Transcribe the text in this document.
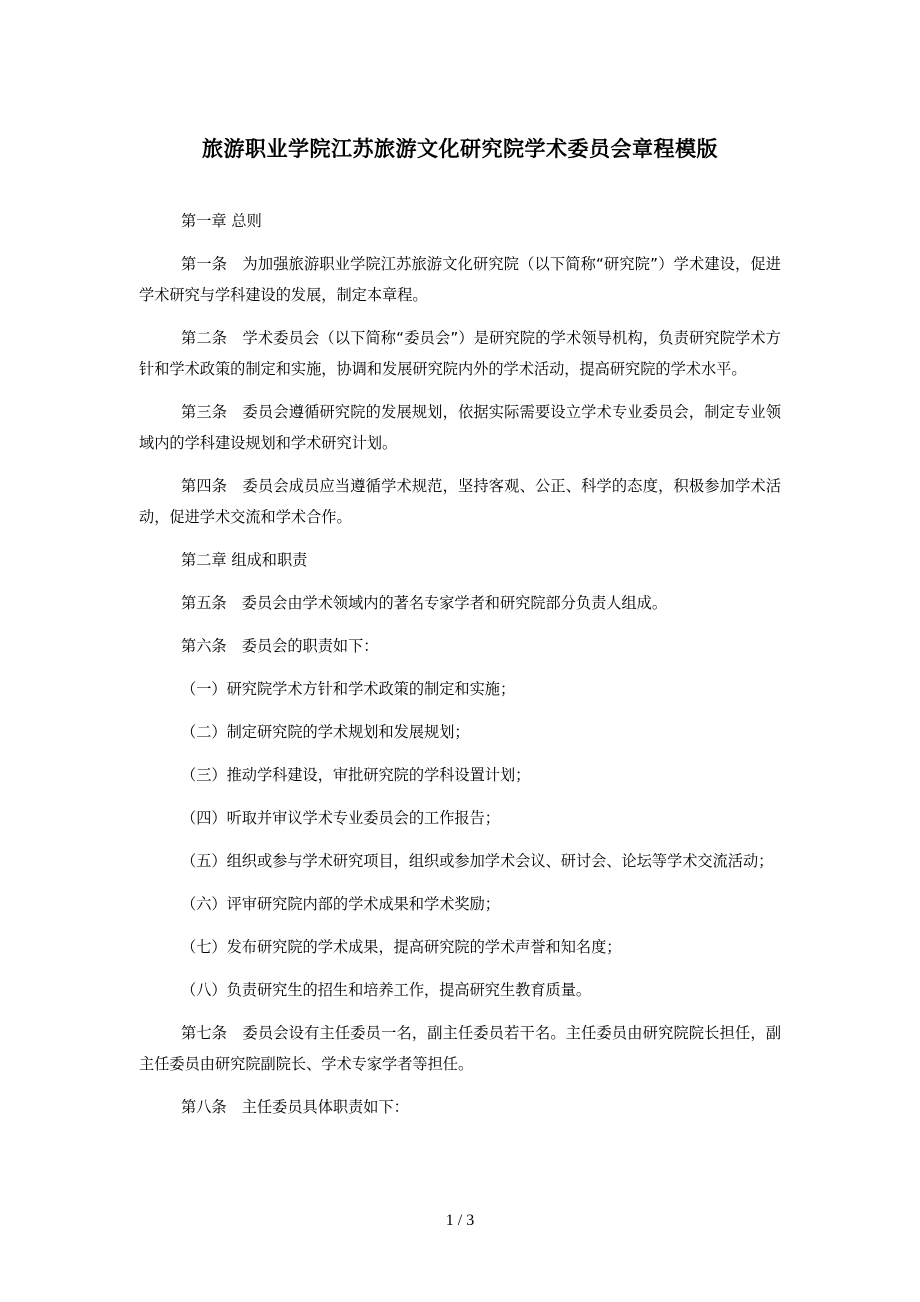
旅游职业学院江苏旅游文化研究院学术委员会章程模版

第一章 总则

第一条　为加强旅游职业学院江苏旅游文化研究院（以下简称“研究院”）学术建设，促进学术研究与学科建设的发展，制定本章程。

第二条　学术委员会（以下简称“委员会”）是研究院的学术领导机构，负责研究院学术方针和学术政策的制定和实施，协调和发展研究院内外的学术活动，提高研究院的学术水平。

第三条　委员会遵循研究院的发展规划，依据实际需要设立学术专业委员会，制定专业领域内的学科建设规划和学术研究计划。

第四条　委员会成员应当遵循学术规范，坚持客观、公正、科学的态度，积极参加学术活动，促进学术交流和学术合作。

第二章 组成和职责

第五条　委员会由学术领域内的著名专家学者和研究院部分负责人组成。

第六条　委员会的职责如下：

（一）研究院学术方针和学术政策的制定和实施；

（二）制定研究院的学术规划和发展规划；

（三）推动学科建设，审批研究院的学科设置计划；

（四）听取并审议学术专业委员会的工作报告；

（五）组织或参与学术研究项目，组织或参加学术会议、研讨会、论坛等学术交流活动；

（六）评审研究院内部的学术成果和学术奖励；

（七）发布研究院的学术成果，提高研究院的学术声誉和知名度；

（八）负责研究生的招生和培养工作，提高研究生教育质量。

第七条　委员会设有主任委员一名，副主任委员若干名。主任委员由研究院院长担任，副主任委员由研究院副院长、学术专家学者等担任。

第八条　主任委员具体职责如下：

1 / 3
